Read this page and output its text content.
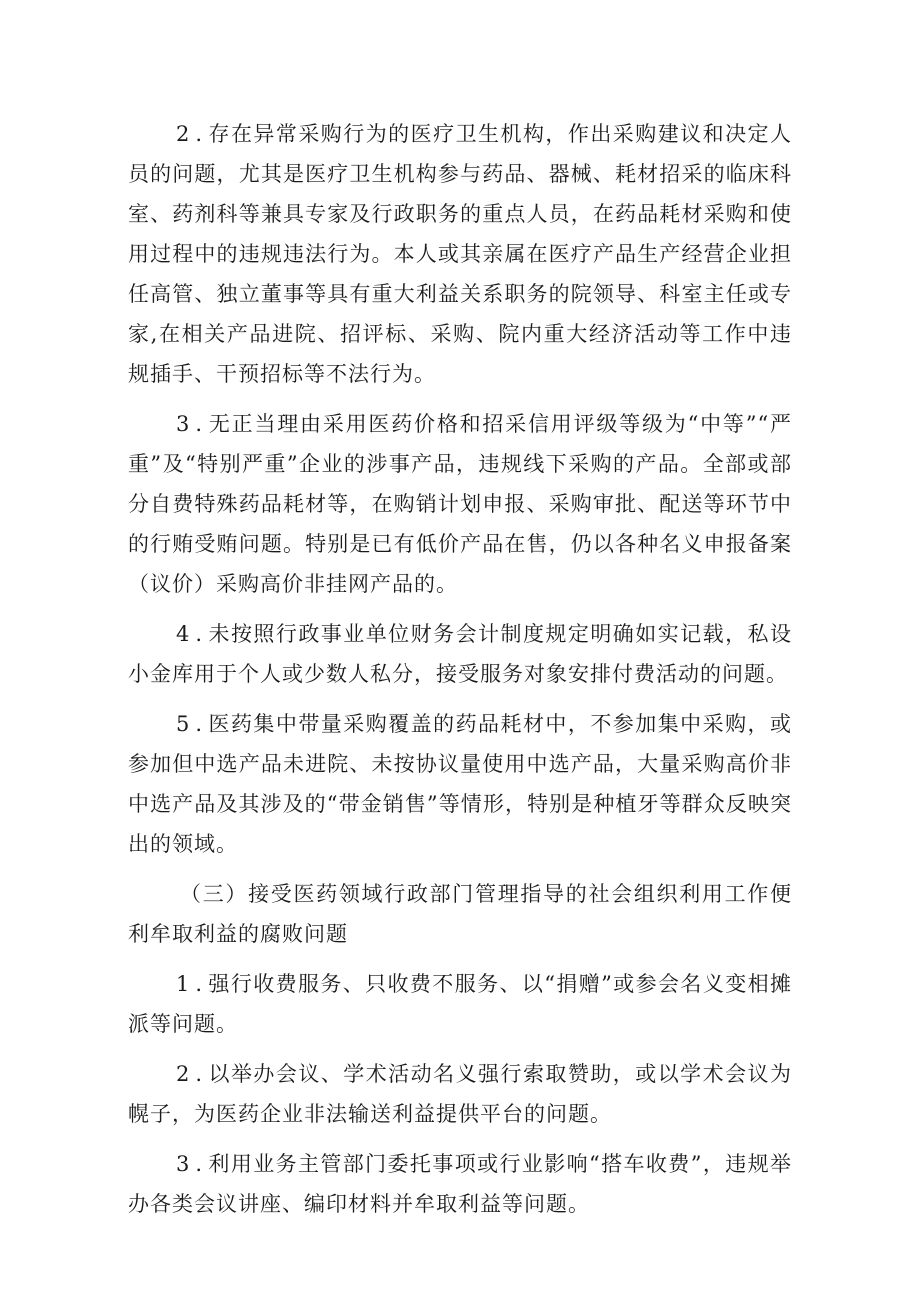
2.存在异常采购行为的医疗卫生机构，作出采购建议和决定人员的问题，尤其是医疗卫生机构参与药品、器械、耗材招采的临床科室、药剂科等兼具专家及行政职务的重点人员，在药品耗材采购和使用过程中的违规违法行为。本人或其亲属在医疗产品生产经营企业担任高管、独立董事等具有重大利益关系职务的院领导、科室主任或专家,在相关产品进院、招评标、采购、院内重大经济活动等工作中违规插手、干预招标等不法行为。

3.无正当理由采用医药价格和招采信用评级等级为“中等”“严重”及“特别严重”企业的涉事产品，违规线下采购的产品。全部或部分自费特殊药品耗材等，在购销计划申报、采购审批、配送等环节中的行贿受贿问题。特别是已有低价产品在售，仍以各种名义申报备案（议价）采购高价非挂网产品的。

4.未按照行政事业单位财务会计制度规定明确如实记载，私设小金库用于个人或少数人私分，接受服务对象安排付费活动的问题。

5.医药集中带量采购覆盖的药品耗材中，不参加集中采购，或参加但中选产品未进院、未按协议量使用中选产品，大量采购高价非中选产品及其涉及的“带金销售”等情形，特别是种植牙等群众反映突出的领域。

（三）接受医药领域行政部门管理指导的社会组织利用工作便利牟取利益的腐败问题

1.强行收费服务、只收费不服务、以“捐赠”或参会名义变相摊派等问题。

2.以举办会议、学术活动名义强行索取赞助，或以学术会议为幌子，为医药企业非法输送利益提供平台的问题。

3.利用业务主管部门委托事项或行业影响“搭车收费”，违规举办各类会议讲座、编印材料并牟取利益等问题。
